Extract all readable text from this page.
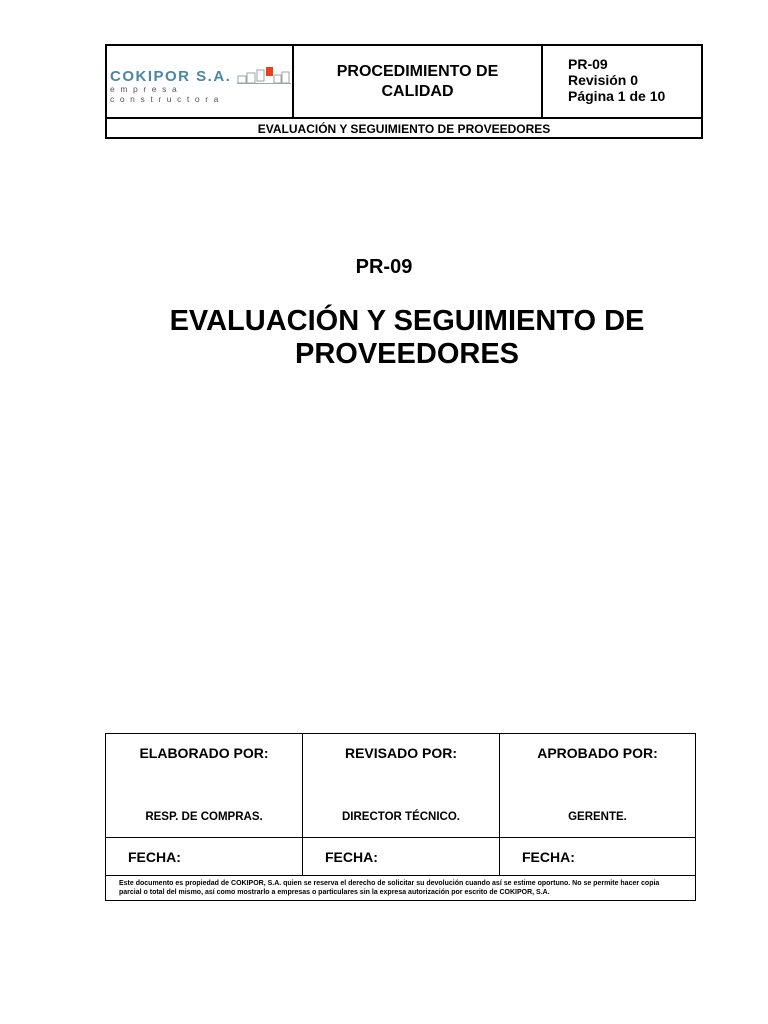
COKIPOR S.A.
empresa constructora
PROCEDIMIENTO DE
CALIDAD
PR-09
Revisión 0
Página 1 de 10
EVALUACIÓN Y SEGUIMIENTO DE PROVEEDORES
PR-09
EVALUACIÓN Y SEGUIMIENTO DE
PROVEEDORES
ELABORADO POR:
RESP. DE COMPRAS.
REVISADO POR:
DIRECTOR TÉCNICO.
APROBADO POR:
GERENTE.
FECHA:	FECHA:	FECHA:
Este documento es propiedad de COKIPOR, S.A. quien se reserva el derecho de solicitar su devolución cuando así se estime oportuno. No se permite hacer copia parcial o total del mismo, así como mostrarlo a empresas o particulares sin la expresa autorización por escrito de COKIPOR, S.A.
